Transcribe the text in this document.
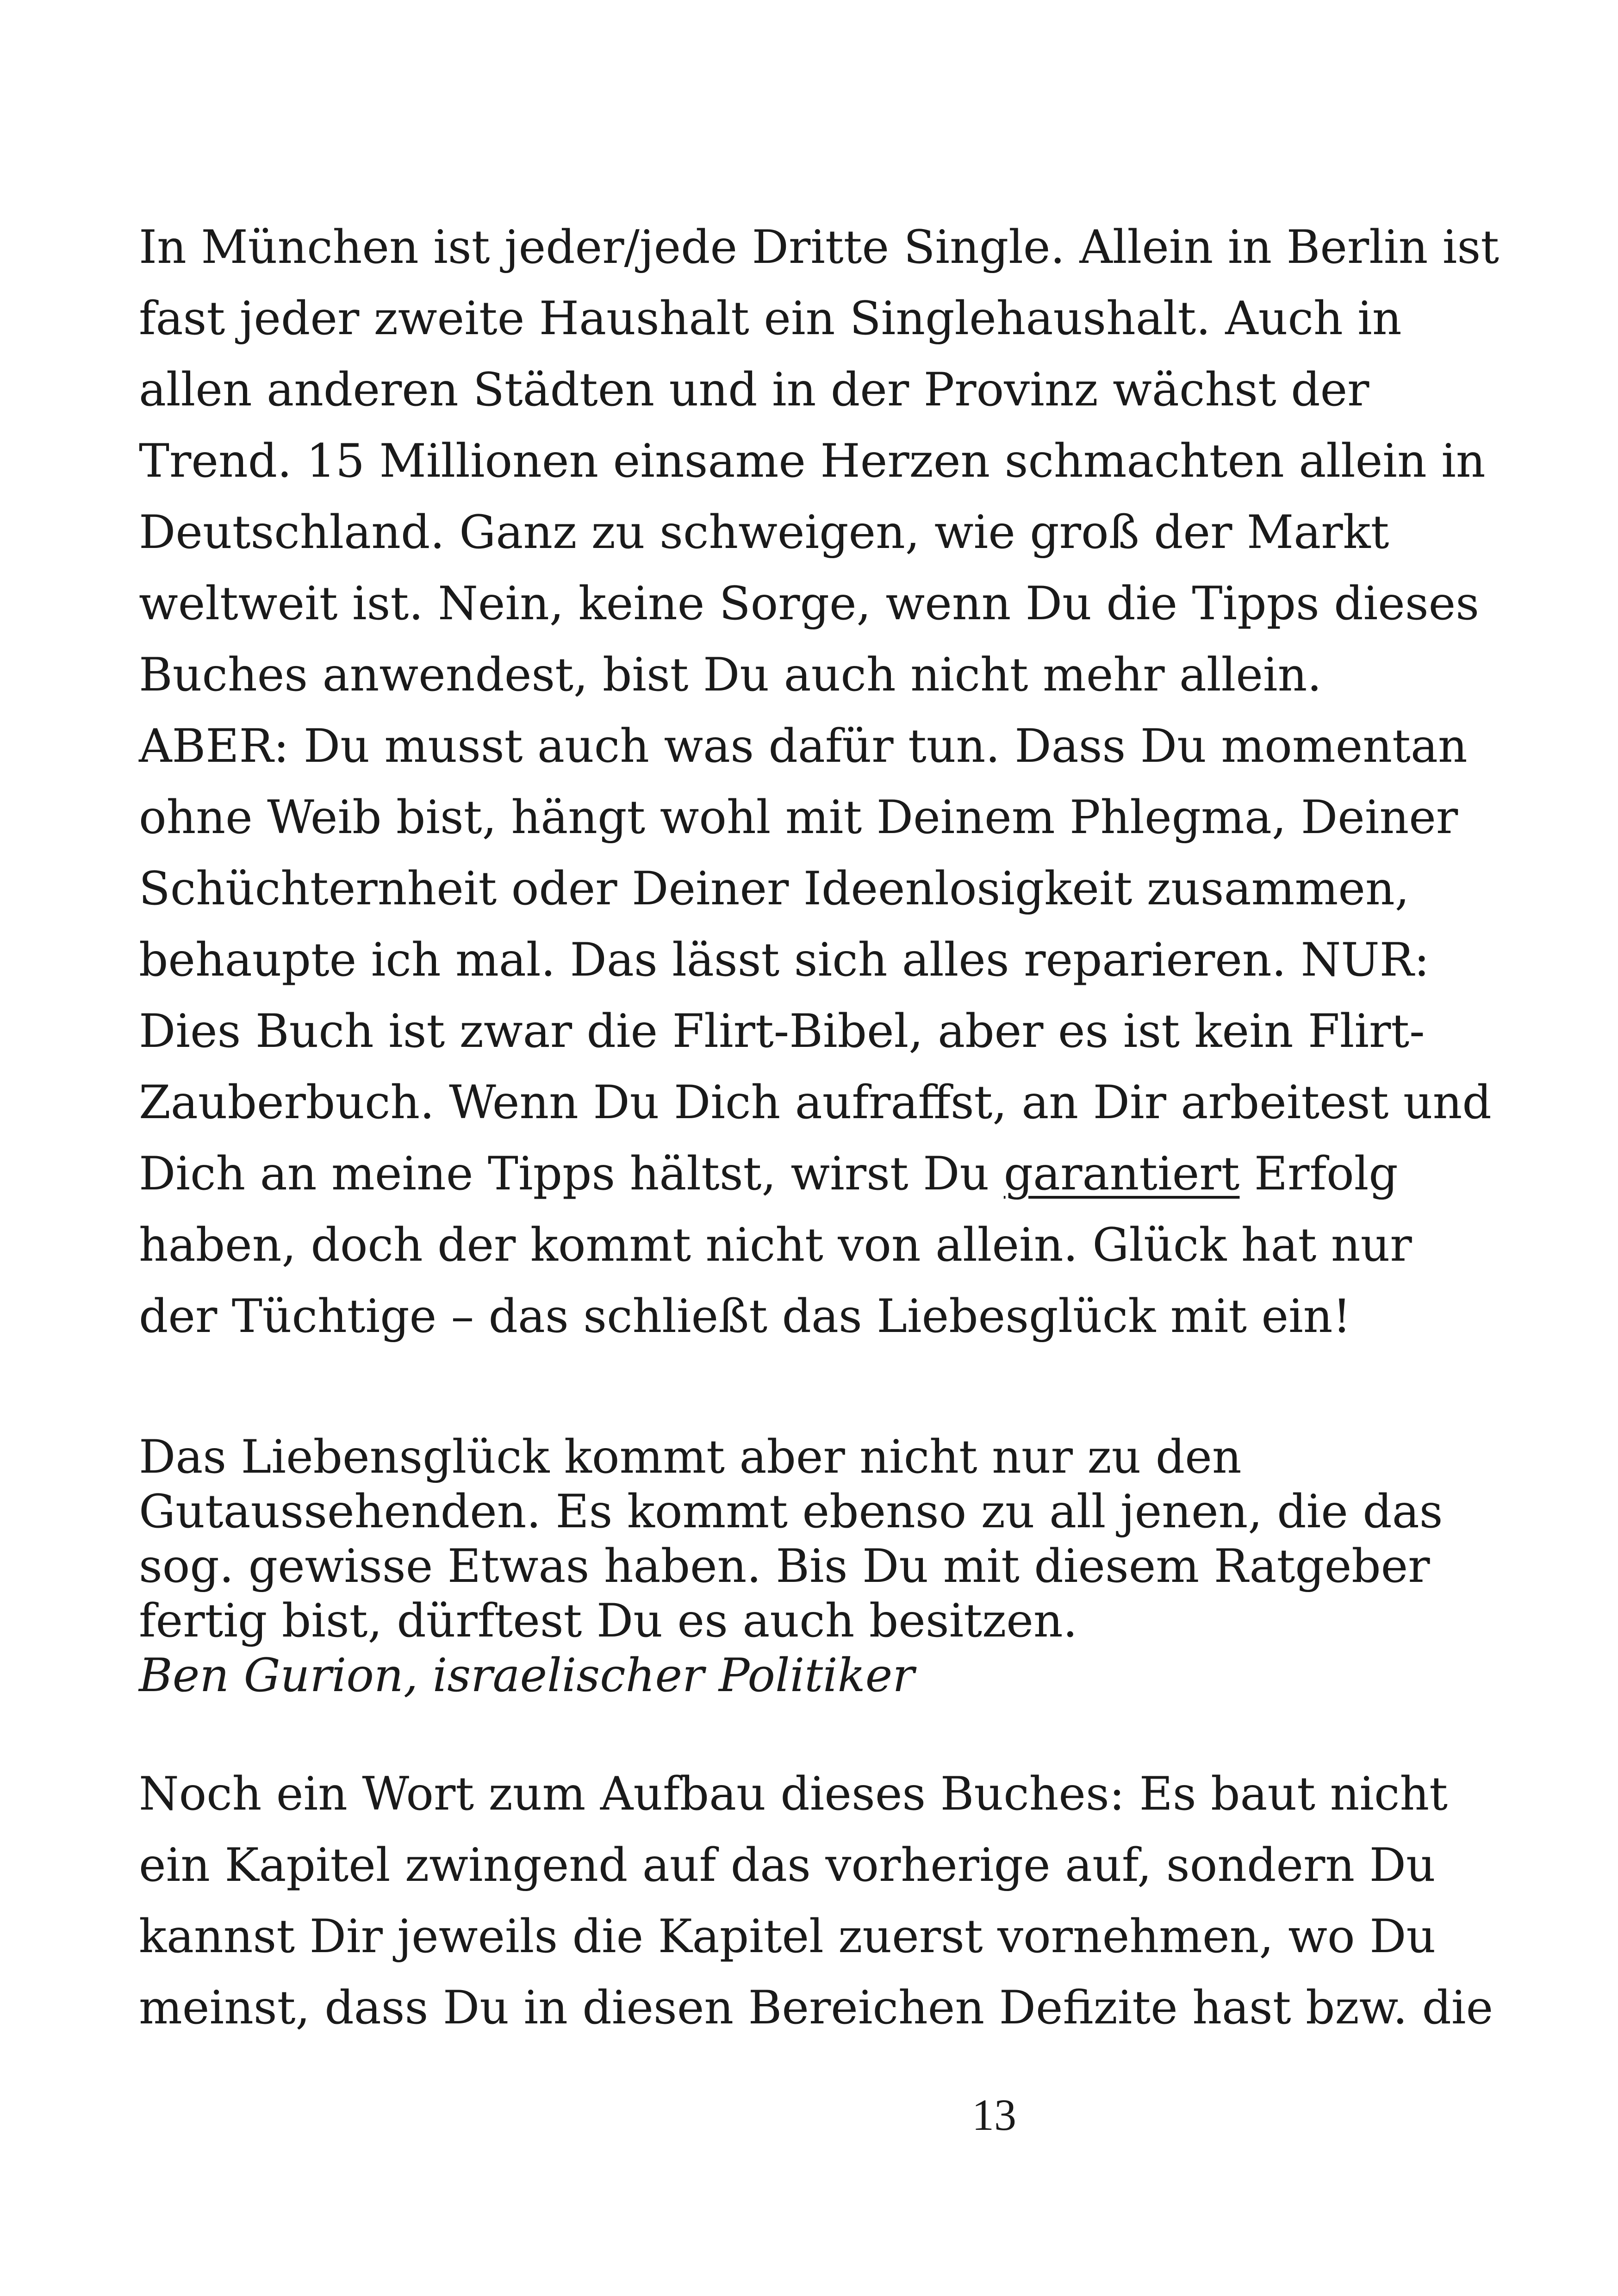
In München ist jeder/jede Dritte Single. Allein in Berlin ist
fast jeder zweite Haushalt ein Singlehaushalt. Auch in
allen anderen Städten und in der Provinz wächst der
Trend. 15 Millionen einsame Herzen schmachten allein in
Deutschland. Ganz zu schweigen, wie groß der Markt
weltweit ist. Nein, keine Sorge, wenn Du die Tipps dieses
Buches anwendest, bist Du auch nicht mehr allein.
ABER: Du musst auch was dafür tun. Dass Du momentan
ohne Weib bist, hängt wohl mit Deinem Phlegma, Deiner
Schüchternheit oder Deiner Ideenlosigkeit zusammen,
behaupte ich mal. Das lässt sich alles reparieren. NUR:
Dies Buch ist zwar die Flirt-Bibel, aber es ist kein Flirt-
Zauberbuch. Wenn Du Dich aufraffst, an Dir arbeitest und
Dich an meine Tipps hältst, wirst Du garantiert Erfolg
haben, doch der kommt nicht von allein. Glück hat nur
der Tüchtige – das schließt das Liebesglück mit ein!
Das Liebensglück kommt aber nicht nur zu den
Gutaussehenden. Es kommt ebenso zu all jenen, die das
sog. gewisse Etwas haben. Bis Du mit diesem Ratgeber
fertig bist, dürftest Du es auch besitzen.
Ben Gurion, israelischer Politiker
Noch ein Wort zum Aufbau dieses Buches: Es baut nicht
ein Kapitel zwingend auf das vorherige auf, sondern Du
kannst Dir jeweils die Kapitel zuerst vornehmen, wo Du
meinst, dass Du in diesen Bereichen Defizite hast bzw. die
13
